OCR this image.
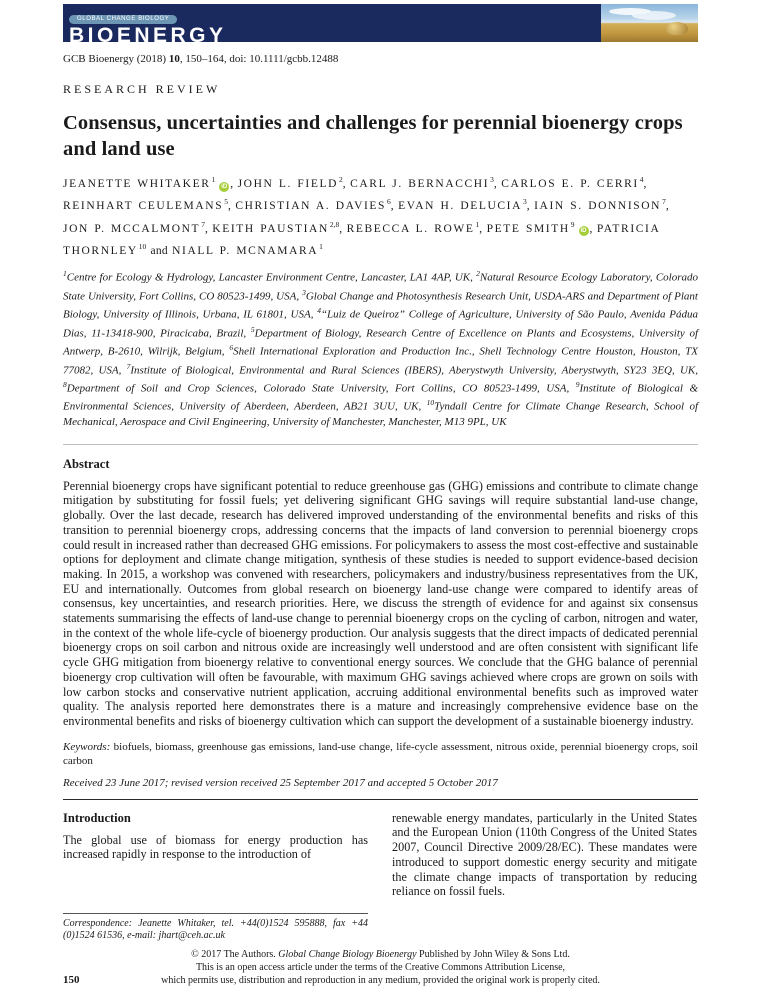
GLOBAL CHANGE BIOLOGY
BIOENERGY
GCB Bioenergy (2018) 10, 150–164, doi: 10.1111/gcbb.12488
RESEARCH REVIEW
Consensus, uncertainties and challenges for perennial bioenergy crops and land use
JEANETTE WHITAKER$^1$iD , JOHN L. FIELD$^2$, CARL J. BERNACCHI$^3$, CARLOS E. P. CERRI$^4$, REINHART CEULEMANS$^5$, CHRISTIAN A. DAVIES$^6$, EVAN H. DELUCIA$^3$, IAIN S. DONNISON$^7$, JON P. MCCALMONT$^7$, KEITH PAUSTIAN$^{2,8}$, REBECCA L. ROWE$^1$, PETE SMITH$^9$iD , PATRICIA THORNLEY$^{10}$ and NIALL P. MCNAMARA$^1$
$^1$Centre for Ecology & Hydrology, Lancaster Environment Centre, Lancaster, LA1 4AP, UK, $^2$Natural Resource Ecology Laboratory, Colorado State University, Fort Collins, CO 80523-1499, USA, $^3$Global Change and Photosynthesis Research Unit, USDA-ARS and Department of Plant Biology, University of Illinois, Urbana, IL 61801, USA, $^4$“Luiz de Queiroz” College of Agriculture, University of São Paulo, Avenida Pádua Dias, 11-13418-900, Piracicaba, Brazil, $^5$Department of Biology, Research Centre of Excellence on Plants and Ecosystems, University of Antwerp, B-2610, Wilrijk, Belgium, $^6$Shell International Exploration and Production Inc., Shell Technology Centre Houston, Houston, TX 77082, USA, $^7$Institute of Biological, Environmental and Rural Sciences (IBERS), Aberystwyth University, Aberystwyth, SY23 3EQ, UK, $^8$Department of Soil and Crop Sciences, Colorado State University, Fort Collins, CO 80523-1499, USA, $^9$Institute of Biological & Environmental Sciences, University of Aberdeen, Aberdeen, AB21 3UU, UK, $^{10}$Tyndall Centre for Climate Change Research, School of Mechanical, Aerospace and Civil Engineering, University of Manchester, Manchester, M13 9PL, UK
Abstract

Perennial bioenergy crops have significant potential to reduce greenhouse gas (GHG) emissions and contribute to climate change mitigation by substituting for fossil fuels; yet delivering significant GHG savings will require substantial land-use change, globally. Over the last decade, research has delivered improved understanding of the environmental benefits and risks of this transition to perennial bioenergy crops, addressing concerns that the impacts of land conversion to perennial bioenergy crops could result in increased rather than decreased GHG emissions. For policymakers to assess the most cost-effective and sustainable options for deployment and climate change mitigation, synthesis of these studies is needed to support evidence-based decision making. In 2015, a workshop was convened with researchers, policymakers and industry/business representatives from the UK, EU and internationally. Outcomes from global research on bioenergy land-use change were compared to identify areas of consensus, key uncertainties, and research priorities. Here, we discuss the strength of evidence for and against six consensus statements summarising the effects of land-use change to perennial bioenergy crops on the cycling of carbon, nitrogen and water, in the context of the whole life-cycle of bioenergy production. Our analysis suggests that the direct impacts of dedicated perennial bioenergy crops on soil carbon and nitrous oxide are increasingly well understood and are often consistent with significant life cycle GHG mitigation from bioenergy relative to conventional energy sources. We conclude that the GHG balance of perennial bioenergy crop cultivation will often be favourable, with maximum GHG savings achieved where crops are grown on soils with low carbon stocks and conservative nutrient application, accruing additional environmental benefits such as improved water quality. The analysis reported here demonstrates there is a mature and increasingly comprehensive evidence base on the environmental benefits and risks of bioenergy cultivation which can support the development of a sustainable bioenergy industry.

Keywords: biofuels, biomass, greenhouse gas emissions, land-use change, life-cycle assessment, nitrous oxide, perennial bioenergy crops, soil carbon

Received 23 June 2017; revised version received 25 September 2017 and accepted 5 October 2017

Introduction

The global use of biomass for energy production has increased rapidly in response to the introduction of

Correspondence: Jeanette Whitaker, tel. +44(0)1524 595888, fax +44 (0)1524 61536, e-mail: jhart@ceh.ac.uk

renewable energy mandates, particularly in the United States and the European Union (110th Congress of the United States 2007, Council Directive 2009/28/EC). These mandates were introduced to support domestic energy security and mitigate the climate change impacts of transportation by reducing reliance on fossil fuels.

150
© 2017 The Authors. Global Change Biology Bioenergy Published by John Wiley & Sons Ltd.
This is an open access article under the terms of the Creative Commons Attribution License,
which permits use, distribution and reproduction in any medium, provided the original work is properly cited.
